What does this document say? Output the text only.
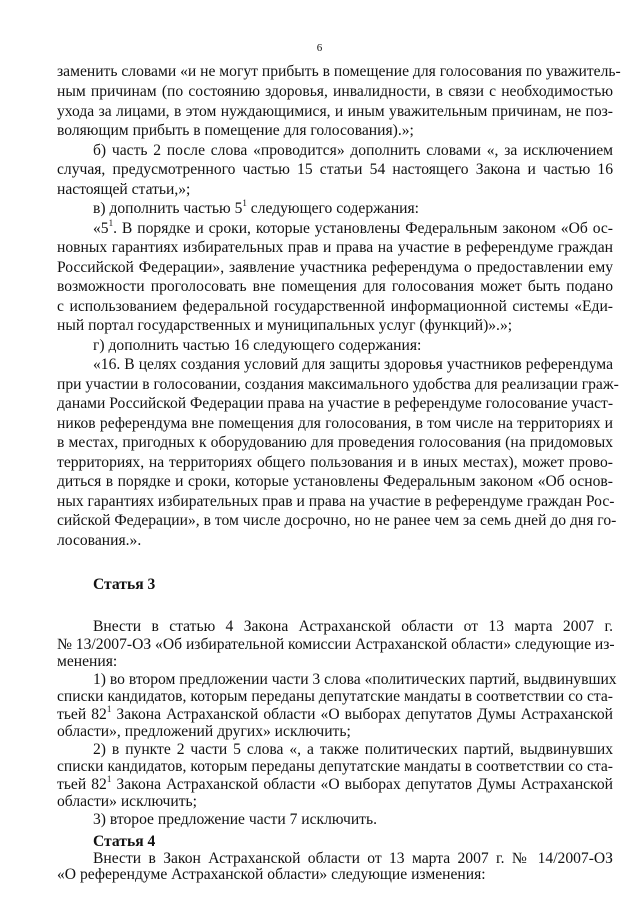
6
заменить словами «и не могут прибыть в помещение для голосования по уважитель-
ным причинам (по состоянию здоровья, инвалидности, в связи с необходимостью
ухода за лицами, в этом нуждающимися, и иным уважительным причинам, не поз-
воляющим прибыть в помещение для голосования).»;
б) часть 2 после слова «проводится» дополнить словами «, за исключением
случая, предусмотренного частью 15 статьи 54 настоящего Закона и частью 16
настоящей статьи,»;
в) дополнить частью $5^1$ следующего содержания:
«$5^1$. В порядке и сроки, которые установлены Федеральным законом «Об ос-
новных гарантиях избирательных прав и права на участие в референдуме граждан
Российской Федерации», заявление участника референдума о предоставлении ему
возможности проголосовать вне помещения для голосования может быть подано
с использованием федеральной государственной информационной системы «Еди-
ный портал государственных и муниципальных услуг (функций)».»;
г) дополнить частью 16 следующего содержания:
«16. В целях создания условий для защиты здоровья участников референдума
при участии в голосовании, создания максимального удобства для реализации граж-
данами Российской Федерации права на участие в референдуме голосование участ-
ников референдума вне помещения для голосования, в том числе на территориях и
в местах, пригодных к оборудованию для проведения голосования (на придомовых
территориях, на территориях общего пользования и в иных местах), может прово-
диться в порядке и сроки, которые установлены Федеральным законом «Об основ-
ных гарантиях избирательных прав и права на участие в референдуме граждан Рос-
сийской Федерации», в том числе досрочно, но не ранее чем за семь дней до дня го-
лосования.».
Статья 3
Внести в статью 4 Закона Астраханской области от 13 марта 2007 г.
№ 13/2007-ОЗ «Об избирательной комиссии Астраханской области» следующие из-
менения:
1) во втором предложении части 3 слова «политических партий, выдвинувших
списки кандидатов, которым переданы депутатские мандаты в соответствии со ста-
тьей $82^1$ Закона Астраханской области «О выборах депутатов Думы Астраханской
области», предложений других» исключить;
2) в пункте 2 части 5 слова «, а также политических партий, выдвинувших
списки кандидатов, которым переданы депутатские мандаты в соответствии со ста-
тьей $82^1$ Закона Астраханской области «О выборах депутатов Думы Астраханской
области» исключить;
3) второе предложение части 7 исключить.
Статья 4
Внести в Закон Астраханской области от 13 марта 2007 г. № 14/2007-ОЗ
«О референдуме Астраханской области» следующие изменения:
